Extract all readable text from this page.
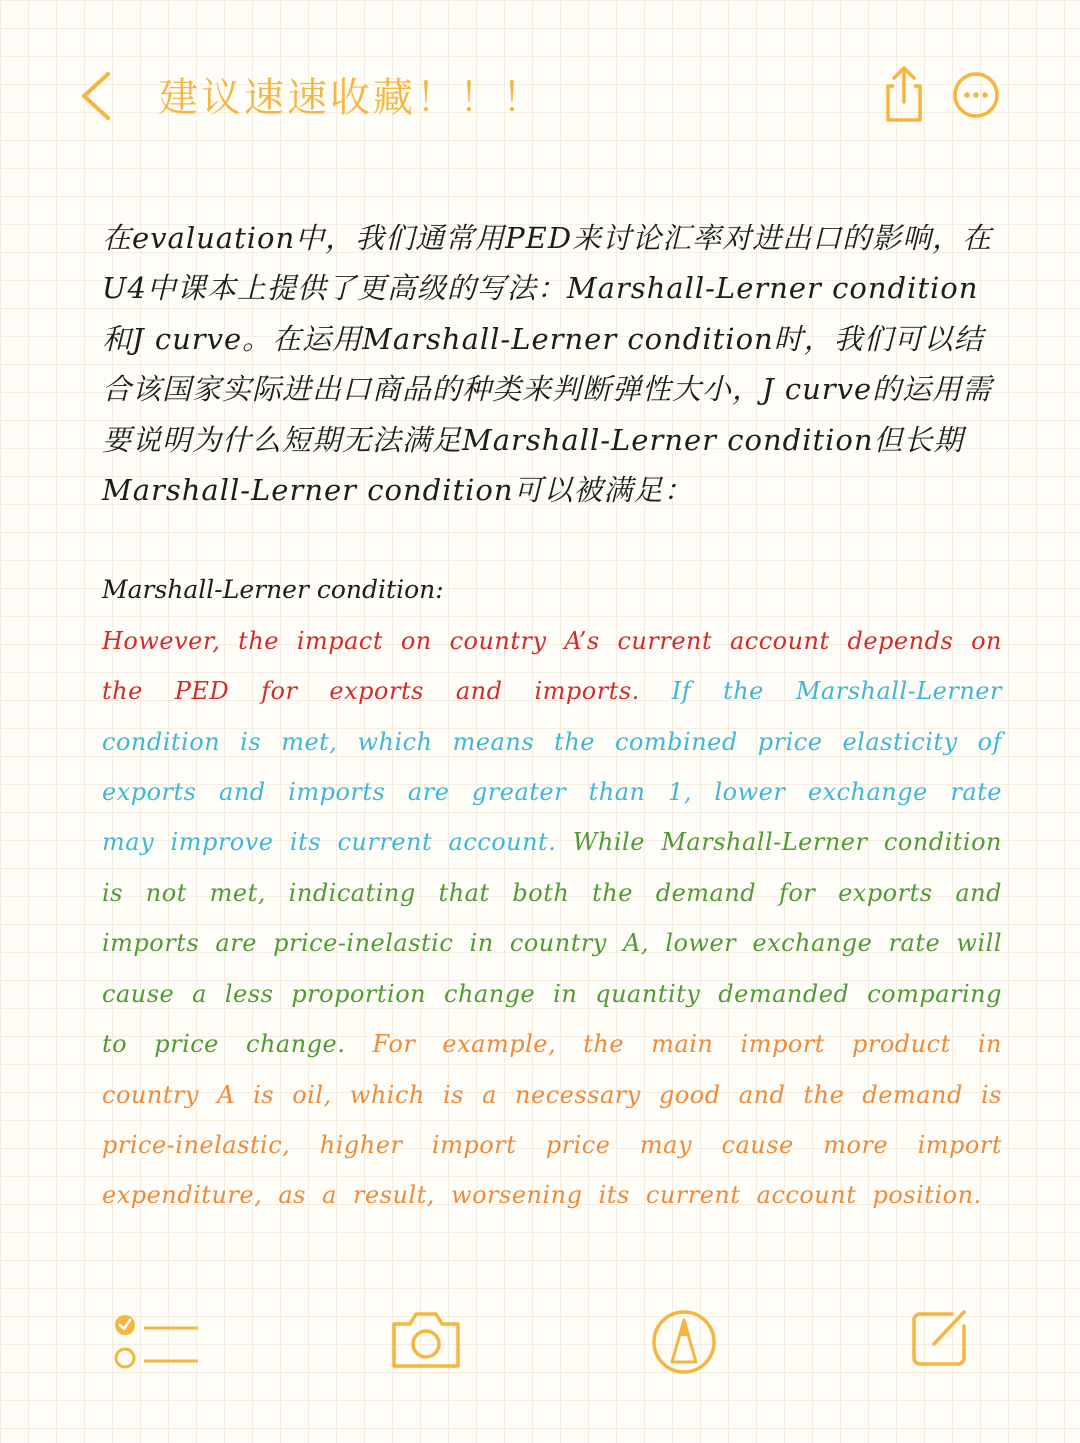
建议速速收藏！！！

在evaluation中，我们通常用PED来讨论汇率对进出口的影响，在U4中课本上提供了更高级的写法：Marshall-Lerner condition和J curve。在运用Marshall-Lerner condition时，我们可以结合该国家实际进出口商品的种类来判断弹性大小，J curve的运用需要说明为什么短期无法满足Marshall-Lerner condition但长期Marshall-Lerner condition可以被满足：

Marshall-Lerner condition:

However, the impact on country A’s current account depends on the PED for exports and imports. If the Marshall-Lerner condition is met, which means the combined price elasticity of exports and imports are greater than 1, lower exchange rate may improve its current account. While Marshall-Lerner condition is not met, indicating that both the demand for exports and imports are price-inelastic in country A, lower exchange rate will cause a less proportion change in quantity demanded comparing to price change. For example, the main import product in country A is oil, which is a necessary good and the demand is price-inelastic, higher import price may cause more import expenditure, as a result, worsening its current account position.
